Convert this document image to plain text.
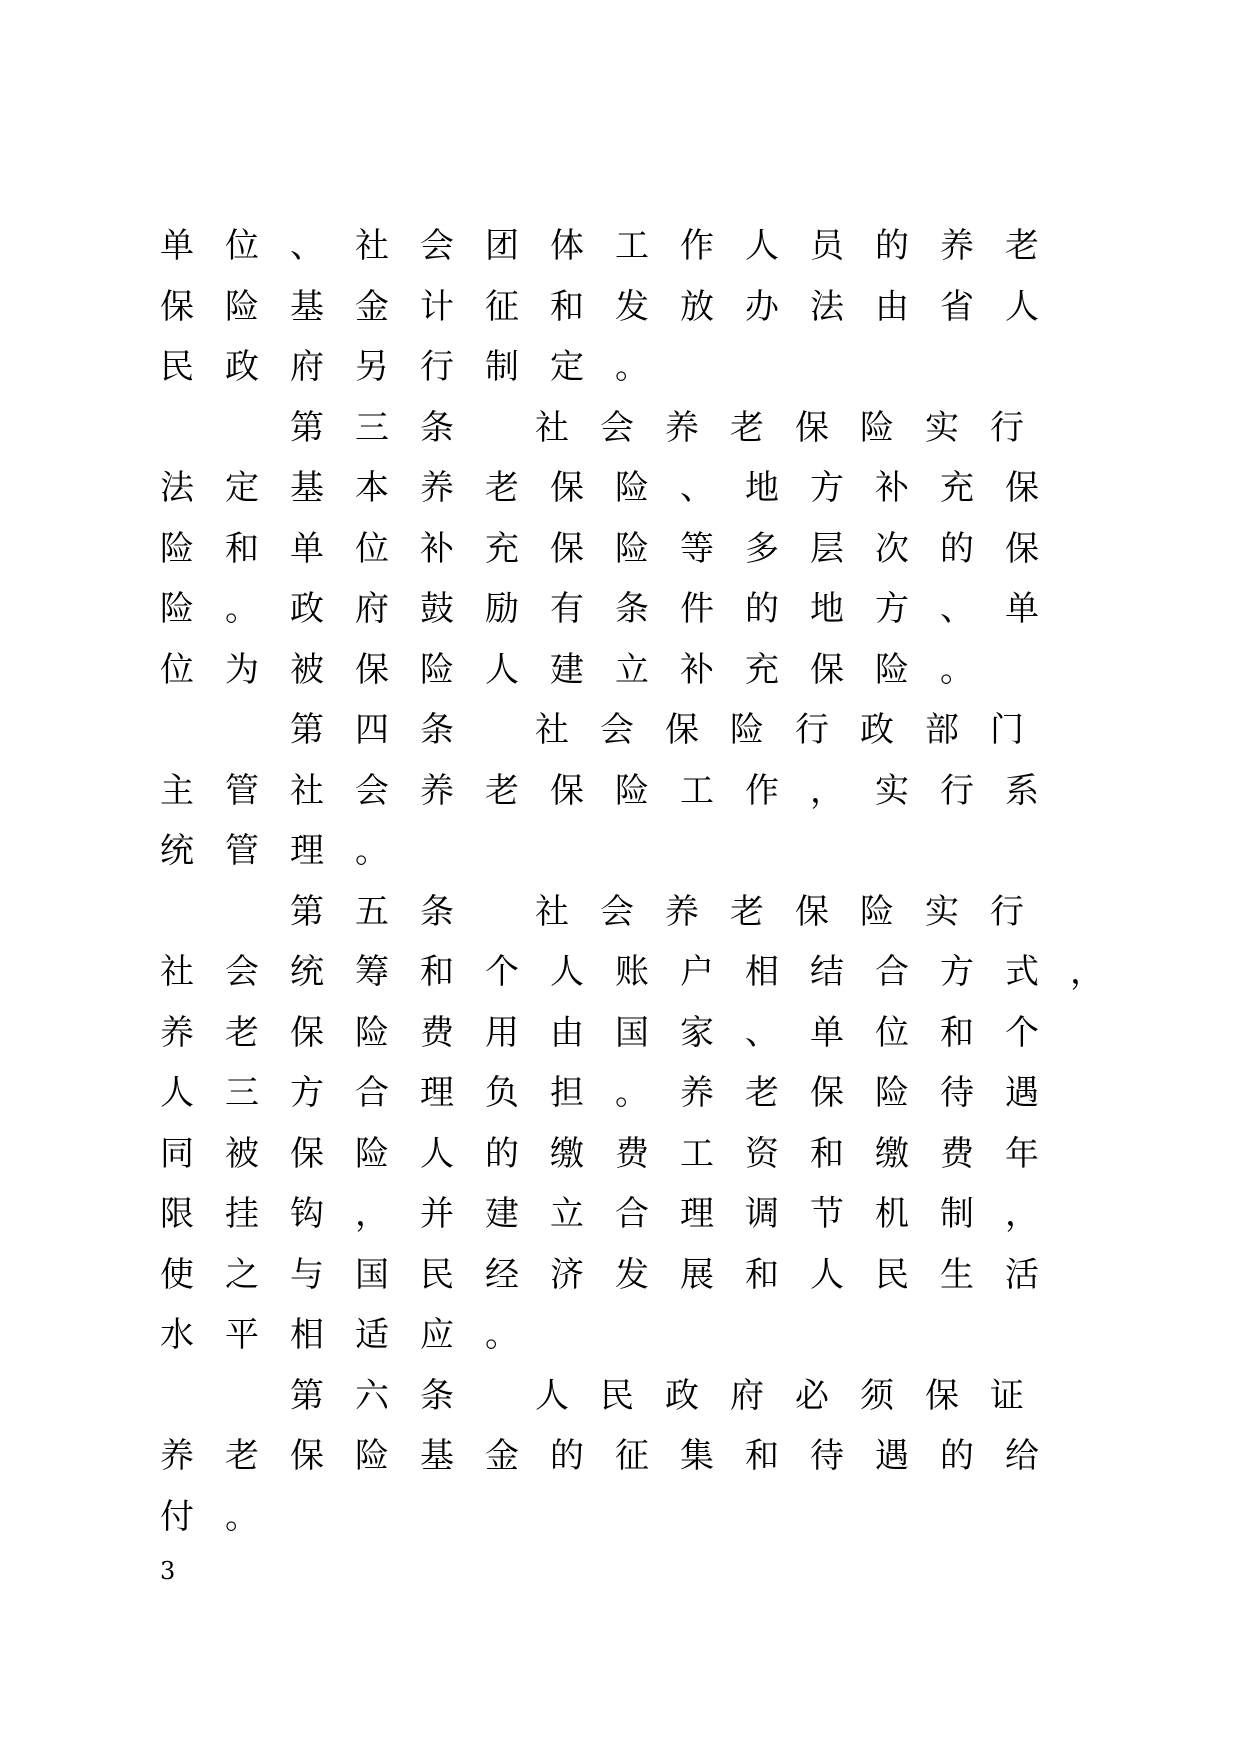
单位、社会团体工作人员的养老
保险基金计征和发放办法由省人
民政府另行制定。
第三条 社会养老保险实行
法定基本养老保险、地方补充保
险和单位补充保险等多层次的保
险。政府鼓励有条件的地方、单
位为被保险人建立补充保险。
第四条 社会保险行政部门
主管社会养老保险工作，实行系
统管理。
第五条 社会养老保险实行
社会统筹和个人账户相结合方式，
养老保险费用由国家、单位和个
人三方合理负担。养老保险待遇
同被保险人的缴费工资和缴费年
限挂钩，并建立合理调节机制，
使之与国民经济发展和人民生活
水平相适应。
第六条 人民政府必须保证
养老保险基金的征集和待遇的给
付。
3
